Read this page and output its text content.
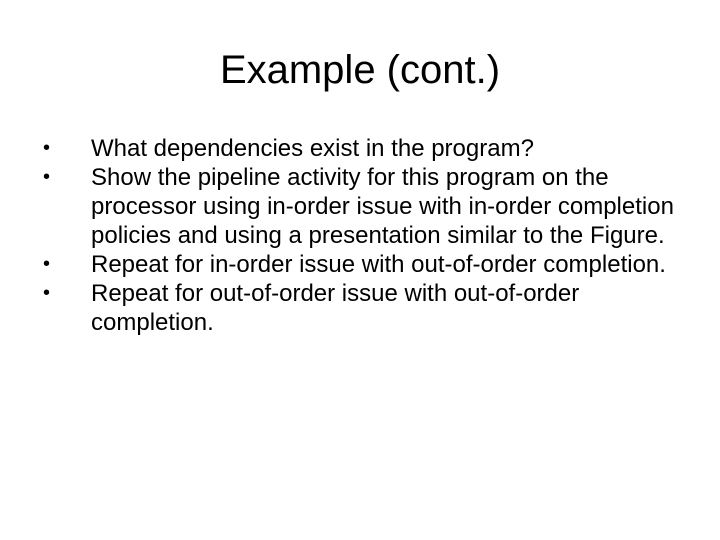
Example (cont.)
• What dependencies exist in the program?
• Show the pipeline activity for this program on the processor using in-order issue with in-order completion policies and using a presentation similar to the Figure.
• Repeat for in-order issue with out-of-order completion.
• Repeat for out-of-order issue with out-of-order completion.
